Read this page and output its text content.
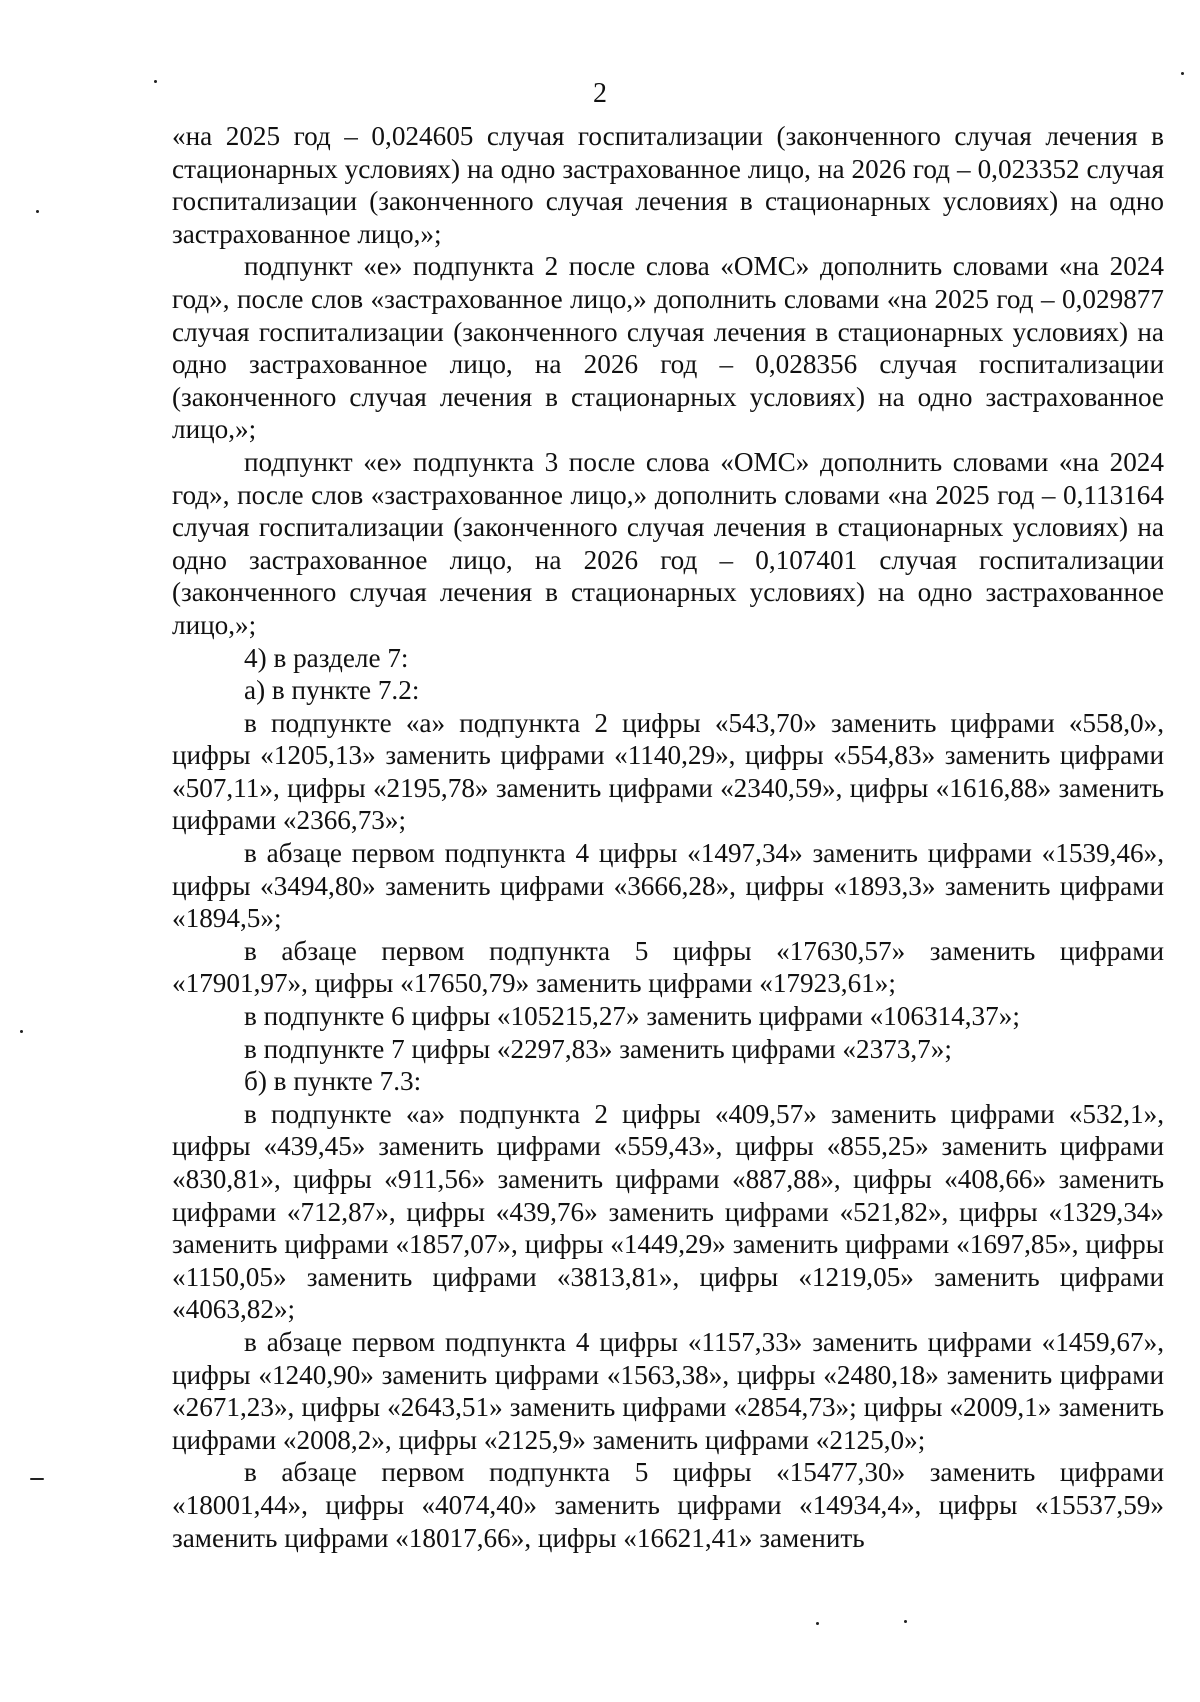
2

«на 2025 год – 0,024605 случая госпитализации (законченного случая лечения в стационарных условиях) на одно застрахованное лицо, на 2026 год – 0,023352 случая госпитализации (законченного случая лечения в стационарных условиях) на одно застрахованное лицо,»;

подпункт «е» подпункта 2 после слова «ОМС» дополнить словами «на 2024 год», после слов «застрахованное лицо,» дополнить словами «на 2025 год – 0,029877 случая госпитализации (законченного случая лечения в стационарных условиях) на одно застрахованное лицо, на 2026 год – 0,028356 случая госпитализации (законченного случая лечения в стационарных условиях) на одно застрахованное лицо,»;

подпункт «е» подпункта 3 после слова «ОМС» дополнить словами «на 2024 год», после слов «застрахованное лицо,» дополнить словами «на 2025 год – 0,113164 случая госпитализации (законченного случая лечения в стационарных условиях) на одно застрахованное лицо, на 2026 год – 0,107401 случая госпитализации (законченного случая лечения в стационарных условиях) на одно застрахованное лицо,»;

4) в разделе 7:

а) в пункте 7.2:

в подпункте «а» подпункта 2 цифры «543,70» заменить цифрами «558,0», цифры «1205,13» заменить цифрами «1140,29», цифры «554,83» заменить цифрами «507,11», цифры «2195,78» заменить цифрами «2340,59», цифры «1616,88» заменить цифрами «2366,73»;

в абзаце первом подпункта 4 цифры «1497,34» заменить цифрами «1539,46», цифры «3494,80» заменить цифрами «3666,28», цифры «1893,3» заменить цифрами «1894,5»;

в абзаце первом подпункта 5 цифры «17630,57» заменить цифрами «17901,97», цифры «17650,79» заменить цифрами «17923,61»;

в подпункте 6 цифры «105215,27» заменить цифрами «106314,37»;

в подпункте 7 цифры «2297,83» заменить цифрами «2373,7»;

б) в пункте 7.3:

в подпункте «а» подпункта 2 цифры «409,57» заменить цифрами «532,1», цифры «439,45» заменить цифрами «559,43», цифры «855,25» заменить цифрами «830,81», цифры «911,56» заменить цифрами «887,88», цифры «408,66» заменить цифрами «712,87», цифры «439,76» заменить цифрами «521,82», цифры «1329,34» заменить цифрами «1857,07», цифры «1449,29» заменить цифрами «1697,85», цифры «1150,05» заменить цифрами «3813,81», цифры «1219,05» заменить цифрами «4063,82»;

в абзаце первом подпункта 4 цифры «1157,33» заменить цифрами «1459,67», цифры «1240,90» заменить цифрами «1563,38», цифры «2480,18» заменить цифрами «2671,23», цифры «2643,51» заменить цифрами «2854,73»; цифры «2009,1» заменить цифрами «2008,2», цифры «2125,9» заменить цифрами «2125,0»;

в абзаце первом подпункта 5 цифры «15477,30» заменить цифрами «18001,44», цифры «4074,40» заменить цифрами «14934,4», цифры «15537,59» заменить цифрами «18017,66», цифры «16621,41» заменить
